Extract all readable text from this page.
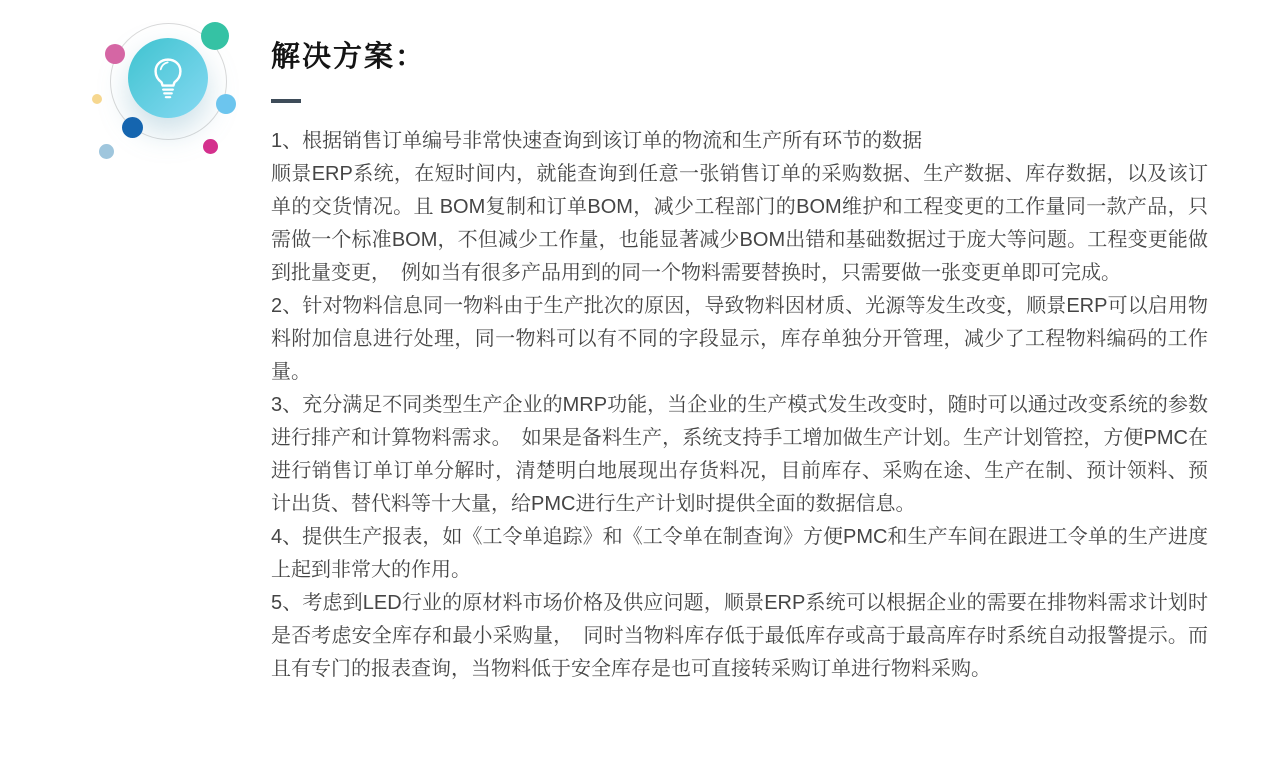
解决方案：

1、根据销售订单编号非常快速查询到该订单的物流和生产所有环节的数据

顺景ERP系统，在短时间内，就能查询到任意一张销售订单的采购数据、生产数据、库存数据，以及该订单的交货情况。且 BOM复制和订单BOM，减少工程部门的BOM维护和工程变更的工作量同一款产品，只需做一个标准BOM，不但减少工作量，也能显著减少BOM出错和基础数据过于庞大等问题。工程变更能做到批量变更，　例如当有很多产品用到的同一个物料需要替换时，只需要做一张变更单即可完成。

2、针对物料信息同一物料由于生产批次的原因，导致物料因材质、光源等发生改变，顺景ERP可以启用物料附加信息进行处理，同一物料可以有不同的字段显示，库存单独分开管理，减少了工程物料编码的工作量。

3、充分满足不同类型生产企业的MRP功能，当企业的生产模式发生改变时，随时可以通过改变系统的参数进行排产和计算物料需求。　如果是备料生产，系统支持手工增加做生产计划。生产计划管控，方便PMC在进行销售订单订单分解时，清楚明白地展现出存货料况，目前库存、采购在途、生产在制、预计领料、预计出货、替代料等十大量，给PMC进行生产计划时提供全面的数据信息。

4、提供生产报表，如《工令单追踪》和《工令单在制查询》方便PMC和生产车间在跟进工令单的生产进度上起到非常大的作用。

5、考虑到LED行业的原材料市场价格及供应问题，顺景ERP系统可以根据企业的需要在排物料需求计划时是否考虑安全库存和最小采购量，　同时当物料库存低于最低库存或高于最高库存时系统自动报警提示。而且有专门的报表查询，当物料低于安全库存是也可直接转采购订单进行物料采购。
